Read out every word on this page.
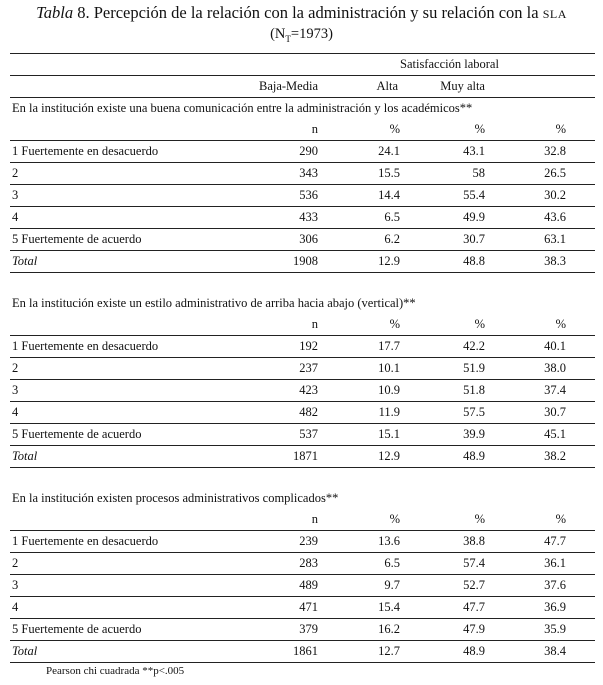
Tabla 8. Percepción de la relación con la administración y su relación con la SLA
$(N_T=1973)$
			Satisfacción laboral		
	Baja-Media	Alta	Muy alta		
En la institución existe una buena comunicación entre la administración y los académicos**					
	n	%	%	%	
1 Fuertemente en desacuerdo	290	24.1	43.1	32.8	
2	343	15.5	58	26.5	
3	536	14.4	55.4	30.2	
4	433	6.5	49.9	43.6	
5 Fuertemente de acuerdo	306	6.2	30.7	63.1	
Total	1908	12.9	48.8	38.3	

En la institución existe un estilo administrativo de arriba hacia abajo (vertical)**					
	n	%	%	%	
1 Fuertemente en desacuerdo	192	17.7	42.2	40.1	
2	237	10.1	51.9	38.0	
3	423	10.9	51.8	37.4	
4	482	11.9	57.5	30.7	
5 Fuertemente de acuerdo	537	15.1	39.9	45.1	
Total	1871	12.9	48.9	38.2	

En la institución existen procesos administrativos complicados**					
	n	%	%	%	
1 Fuertemente en desacuerdo	239	13.6	38.8	47.7	
2	283	6.5	57.4	36.1	
3	489	9.7	52.7	37.6	
4	471	15.4	47.7	36.9	
5 Fuertemente de acuerdo	379	16.2	47.9	35.9	
Total	1861	12.7	48.9	38.4	
Pearson chi cuadrada **p<.005
